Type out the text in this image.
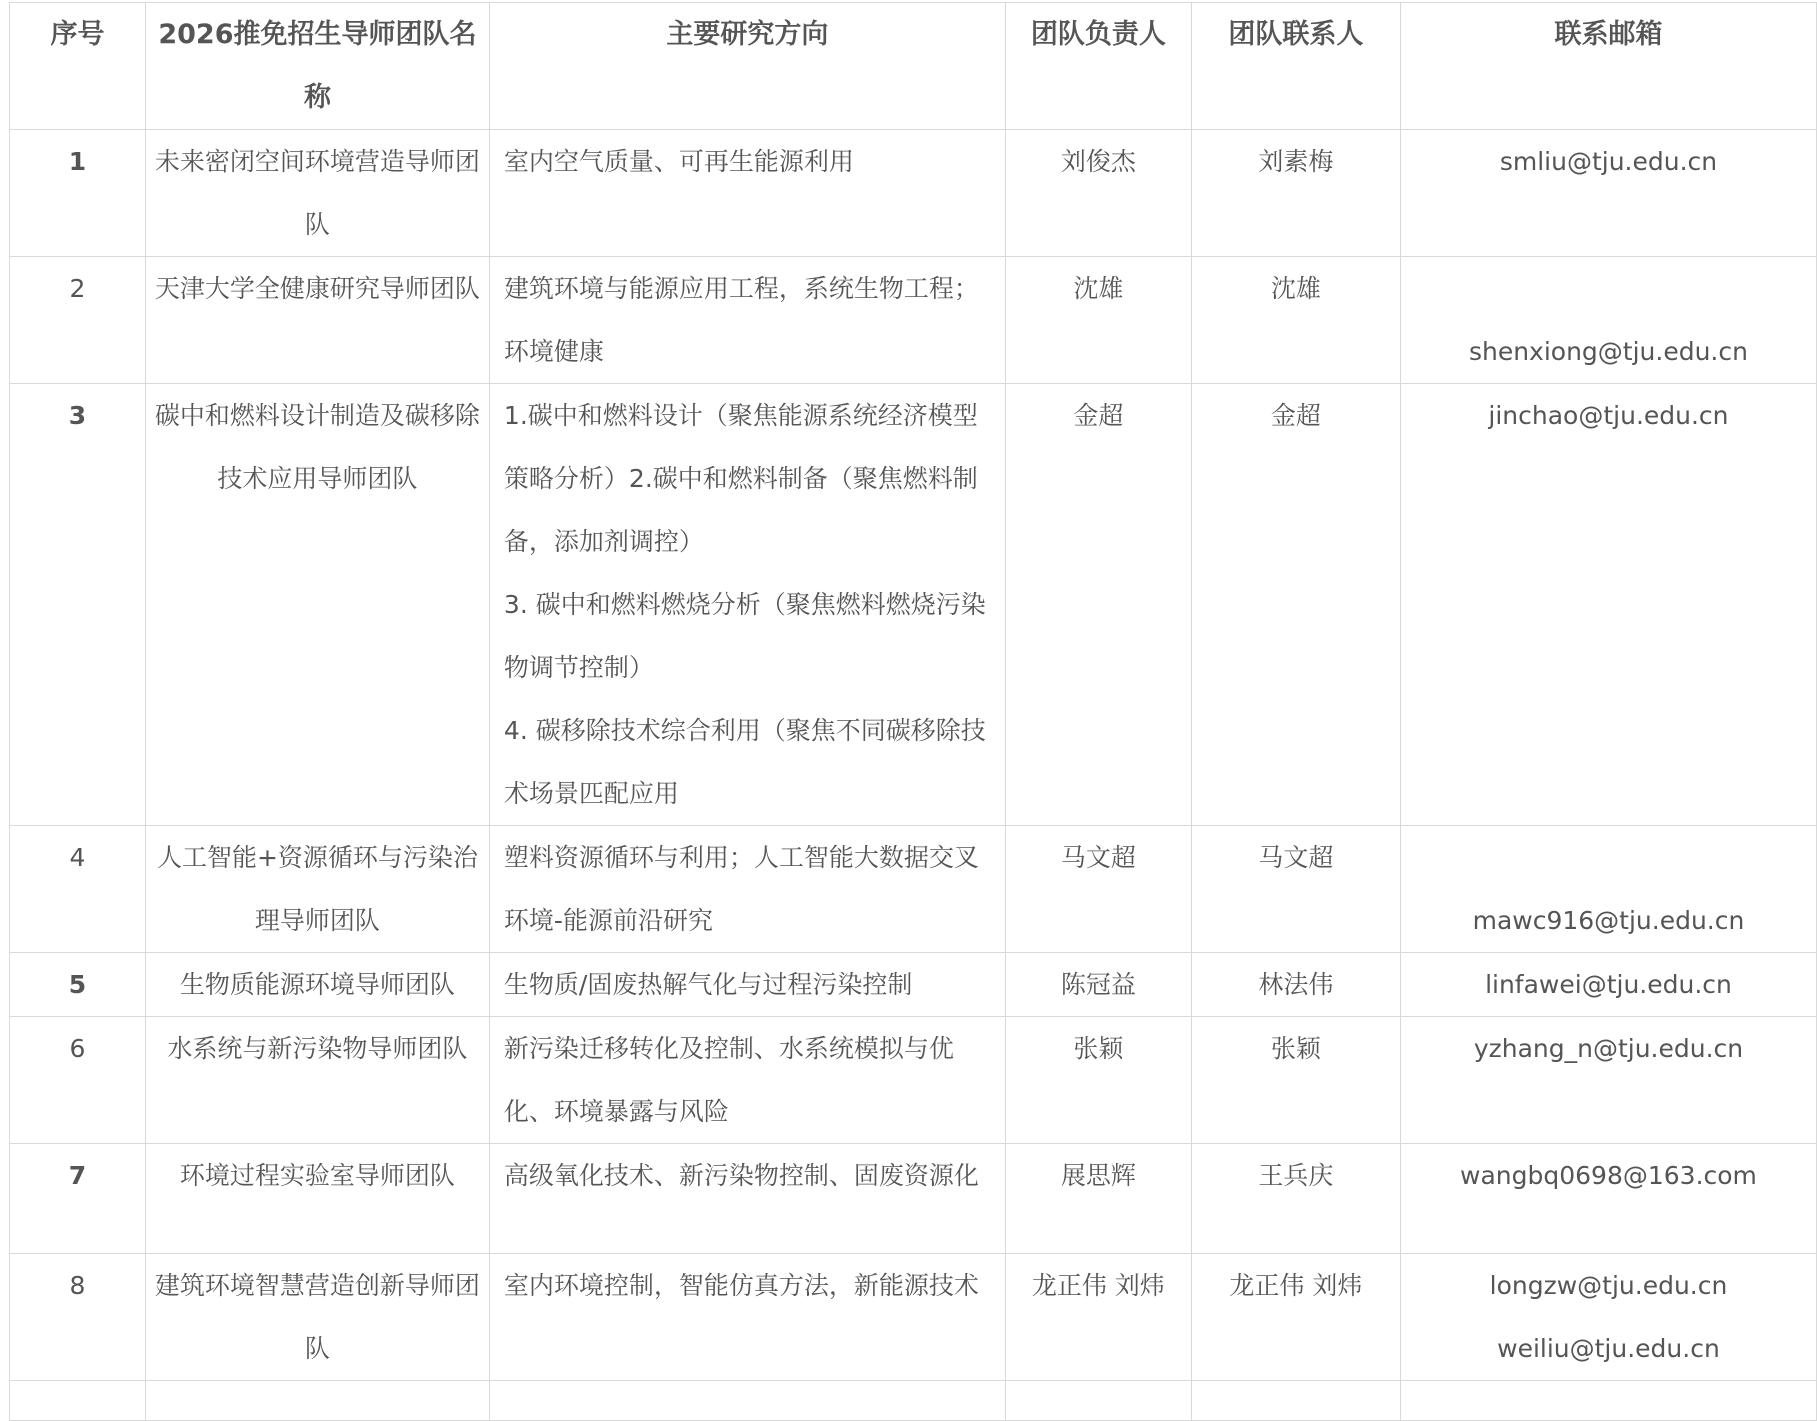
序号	2026推免招生导师团队名称	主要研究方向	团队负责人	团队联系人	联系邮箱
1	未来密闭空间环境营造导师团队	室内空气质量、可再生能源利用	刘俊杰	刘素梅	smliu@tju.edu.cn

2	天津大学全健康研究导师团队	建筑环境与能源应用工程，系统生物工程；环境健康	沈雄	沈雄	shenxiong@tju.edu.cn

3	碳中和燃料设计制造及碳移除技术应用导师团队	1.碳中和燃料设计（聚焦能源系统经济模型策略分析）2.碳中和燃料制备（聚焦燃料制备，添加剂调控）
3. 碳中和燃料燃烧分析（聚焦燃料燃烧污染物调节控制）
4. 碳移除技术综合利用（聚焦不同碳移除技术场景匹配应用	金超	金超	jinchao@tju.edu.cn

4	人工智能+资源循环与污染治理导师团队	塑料资源循环与利用；人工智能大数据交叉环境-能源前沿研究	马文超	马文超	mawc916@tju.edu.cn

5	生物质能源环境导师团队	生物质/固废热解气化与过程污染控制	陈冠益	林法伟	linfawei@tju.edu.cn

6	水系统与新污染物导师团队	新污染迁移转化及控制、水系统模拟与优化、环境暴露与风险	张颖	张颖	yzhang_n@tju.edu.cn

7	环境过程实验室导师团队	高级氧化技术、新污染物控制、固废资源化	展思辉	王兵庆	wangbq0698@163.com

8	建筑环境智慧营造创新导师团队	室内环境控制，智能仿真方法，新能源技术	龙正伟 刘炜	龙正伟 刘炜	longzw@tju.edu.cn
weiliu@tju.edu.cn
